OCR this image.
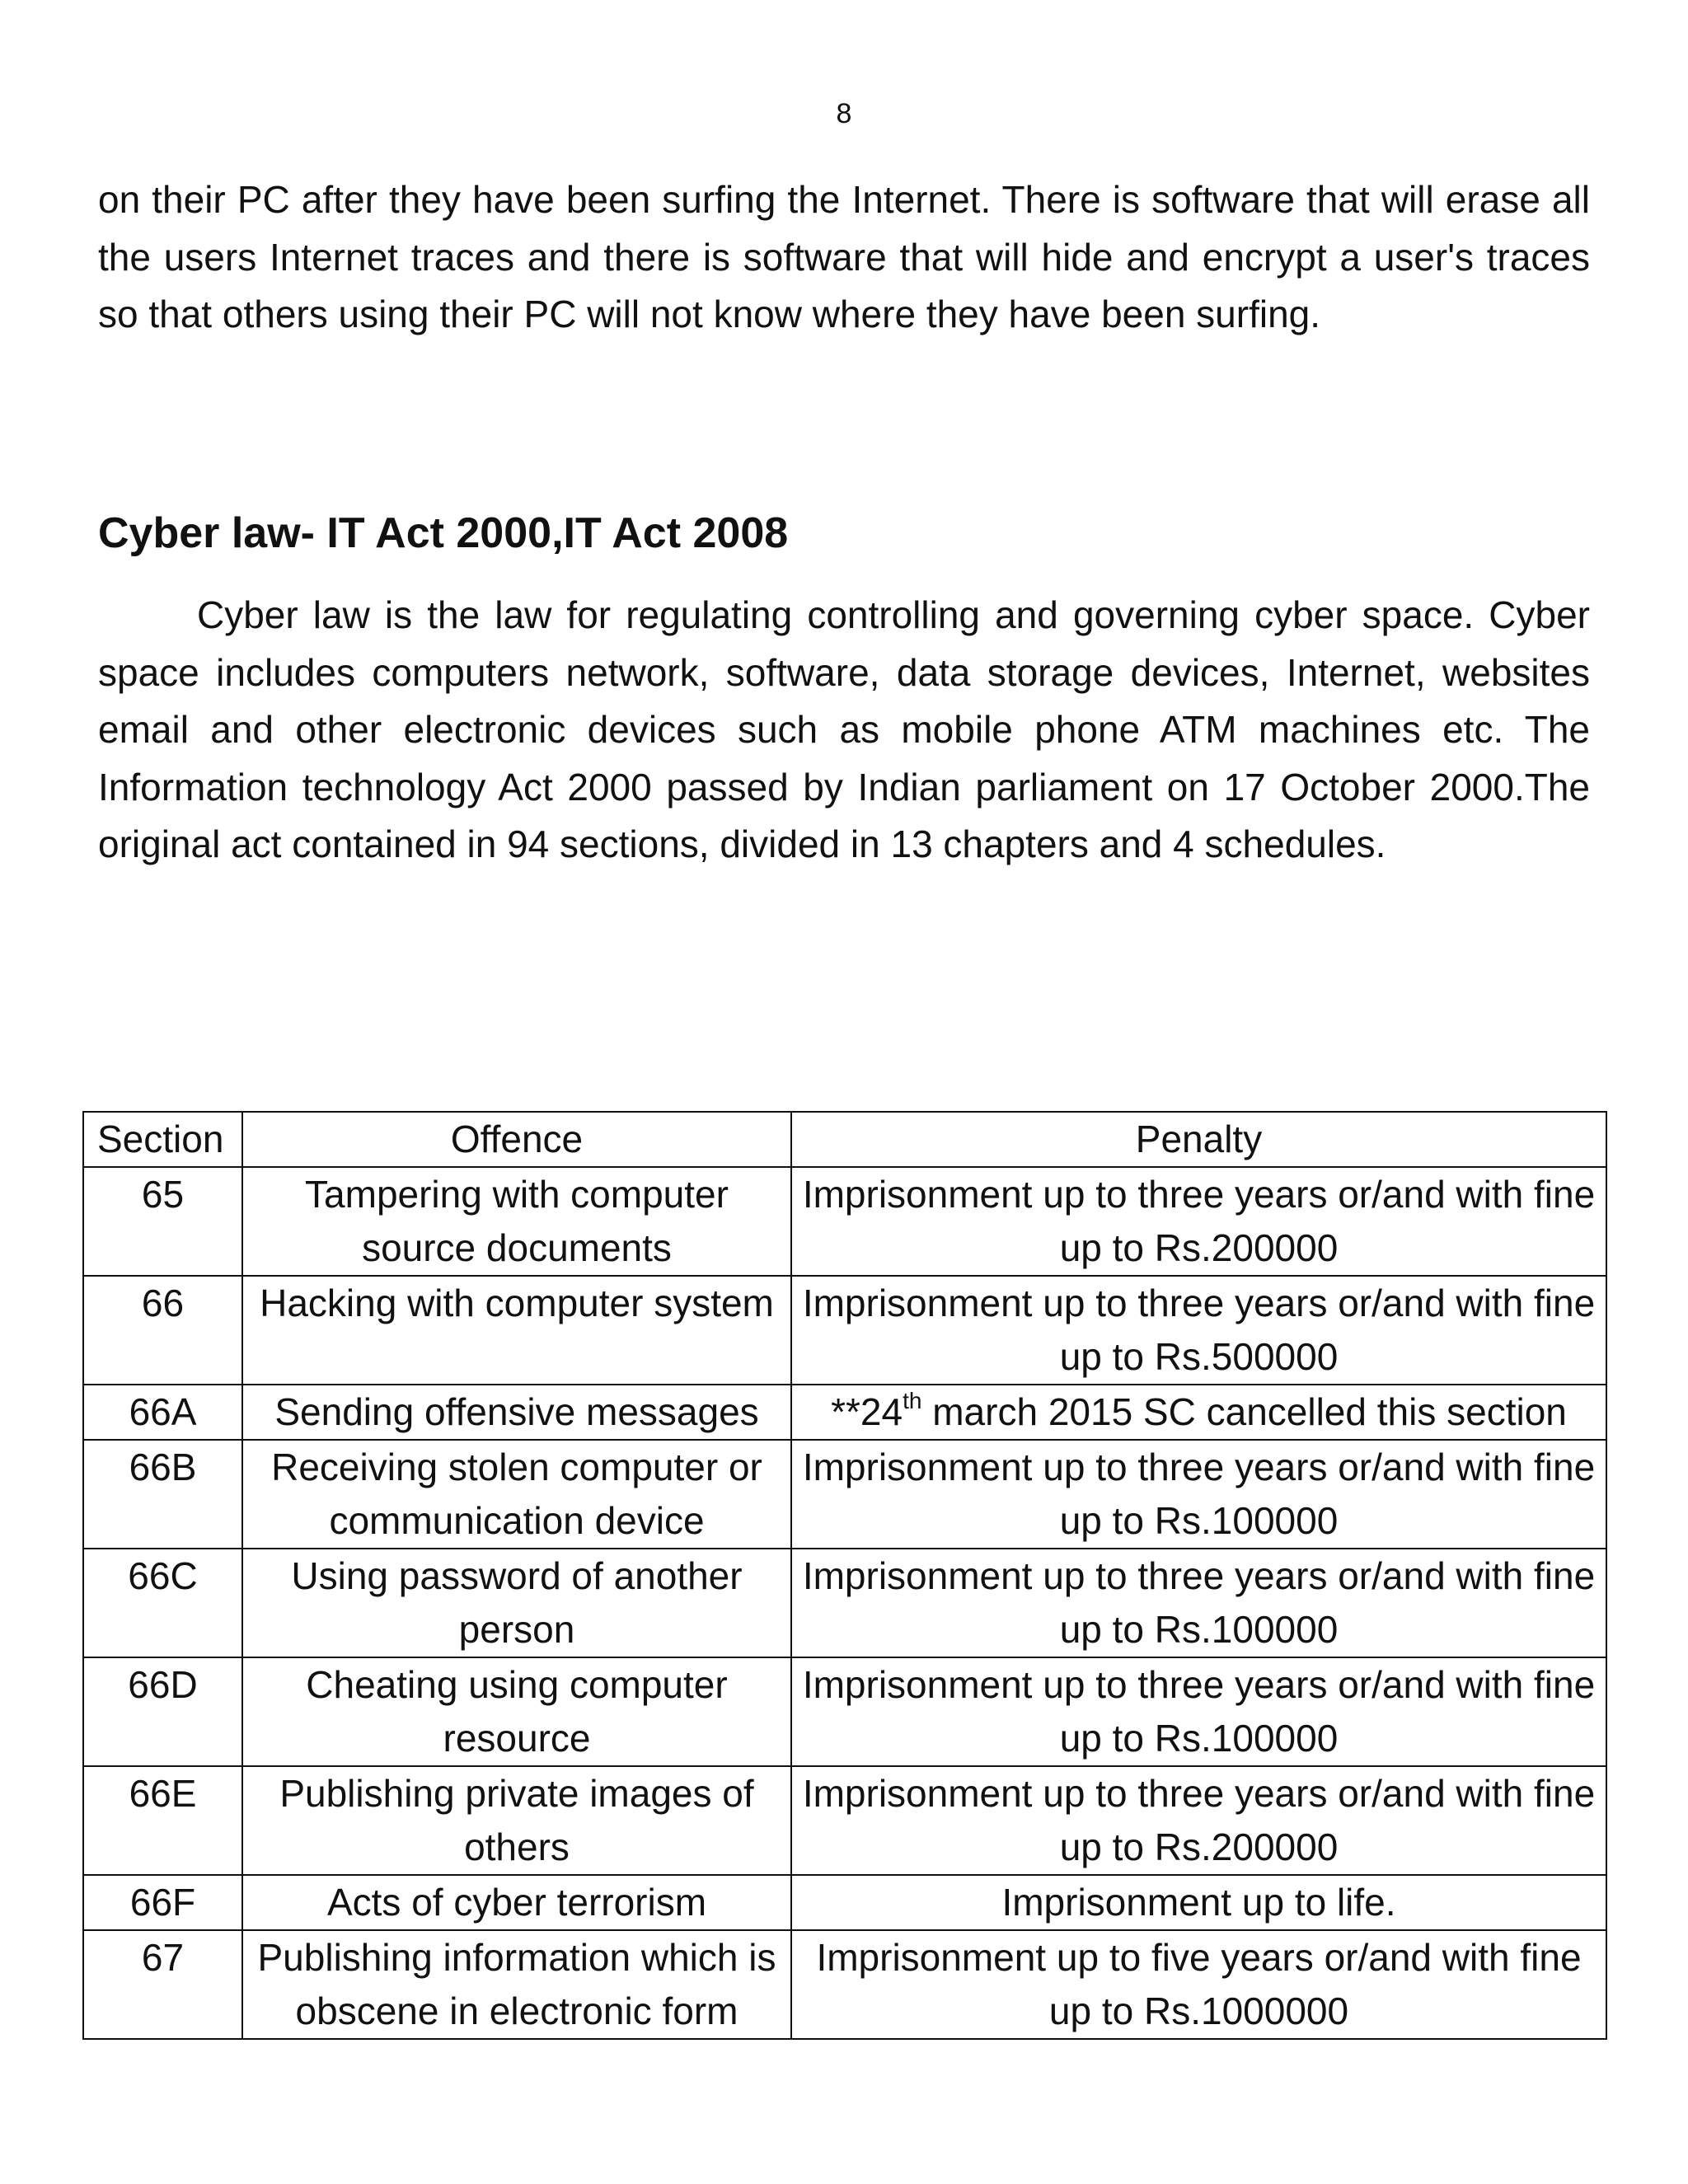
8

on their PC after they have been surfing the Internet. There is software that will erase all the users Internet traces and there is software that will hide and encrypt a user's traces so that others using their PC will not know where they have been surfing.

Cyber law- IT Act 2000,IT Act 2008

Cyber law is the law for regulating controlling and governing cyber space. Cyber space includes computers network, software, data storage devices, Internet, websites email and other electronic devices such as mobile phone ATM machines etc. The Information technology Act 2000 passed by Indian parliament on 17 October 2000.The original act contained in 94 sections, divided in 13 chapters and 4 schedules.

Section	Offence	Penalty
65	Tampering with computer source documents	Imprisonment up to three years or/and with fine up to Rs.200000
66	Hacking with computer system	Imprisonment up to three years or/and with fine up to Rs.500000
66A	Sending offensive messages	**24th march 2015 SC cancelled this section
66B	Receiving stolen computer or communication device	Imprisonment up to three years or/and with fine up to Rs.100000
66C	Using password of another person	Imprisonment up to three years or/and with fine up to Rs.100000
66D	Cheating using computer resource	Imprisonment up to three years or/and with fine up to Rs.100000
66E	Publishing private images of others	Imprisonment up to three years or/and with fine up to Rs.200000
66F	Acts of cyber terrorism	Imprisonment up to life.
67	Publishing information which is obscene in electronic form	Imprisonment up to five years or/and with fine up to Rs.1000000
